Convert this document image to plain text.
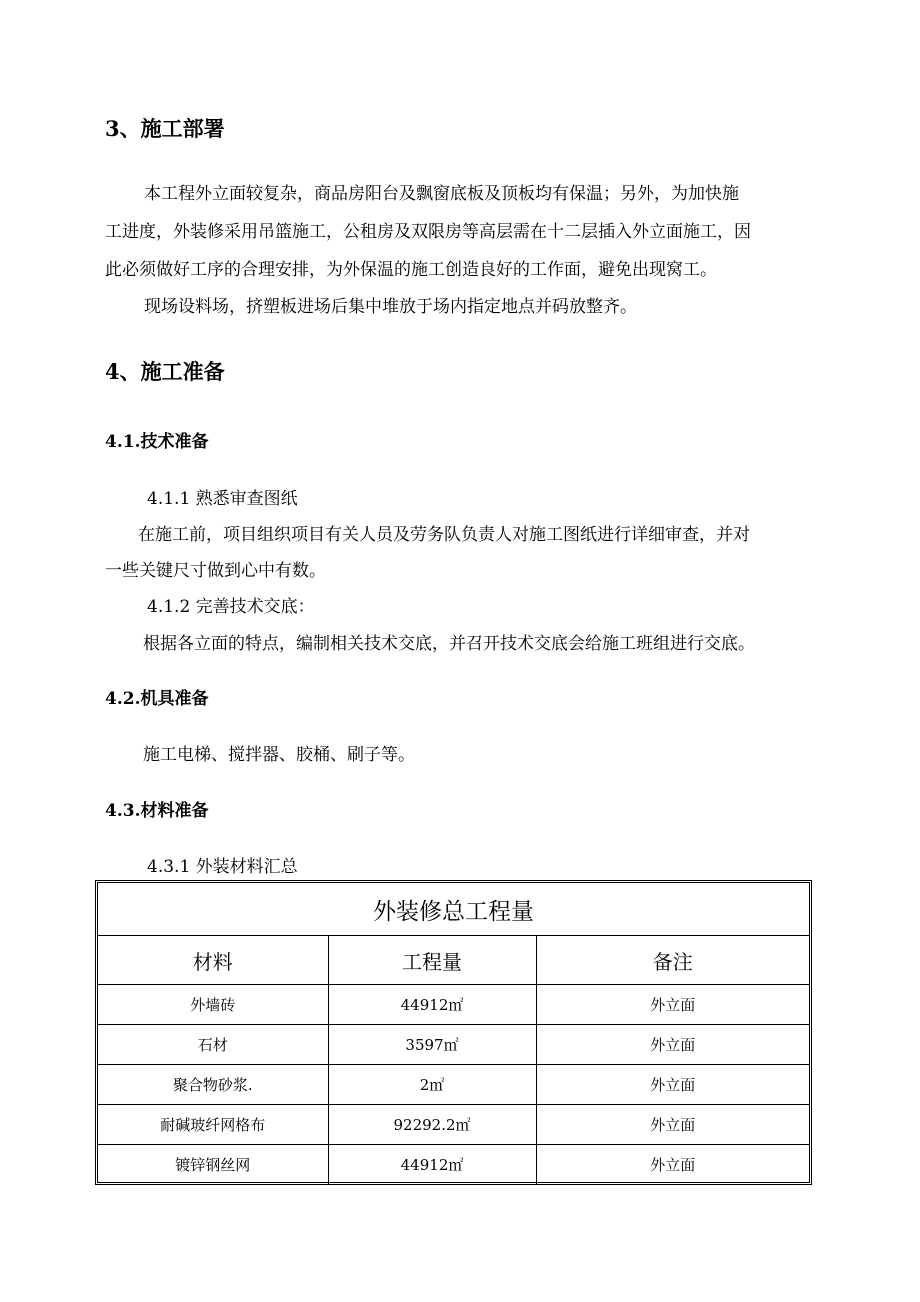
3、施工部署
本工程外立面较复杂，商品房阳台及飘窗底板及顶板均有保温；另外，为加快施
工进度，外装修采用吊篮施工，公租房及双限房等高层需在十二层插入外立面施工，因
此必须做好工序的合理安排，为外保温的施工创造良好的工作面，避免出现窝工。
现场设料场，挤塑板进场后集中堆放于场内指定地点并码放整齐。
4、施工准备
4.1.技术准备
4.1.1 熟悉审查图纸
在施工前，项目组织项目有关人员及劳务队负责人对施工图纸进行详细审查，并对
一些关键尺寸做到心中有数。
4.1.2 完善技术交底：
根据各立面的特点，编制相关技术交底，并召开技术交底会给施工班组进行交底。
4.2.机具准备
施工电梯、搅拌器、胶桶、刷子等。
4.3.材料准备
4.3.1 外装材料汇总
外装修总工程量		
材料	工程量	备注
外墙砖	44912㎡	外立面
石材	3597㎡	外立面
聚合物砂浆.	2㎡	外立面
耐碱玻纤网格布	92292.2㎡	外立面
镀锌钢丝网	44912㎡	外立面
